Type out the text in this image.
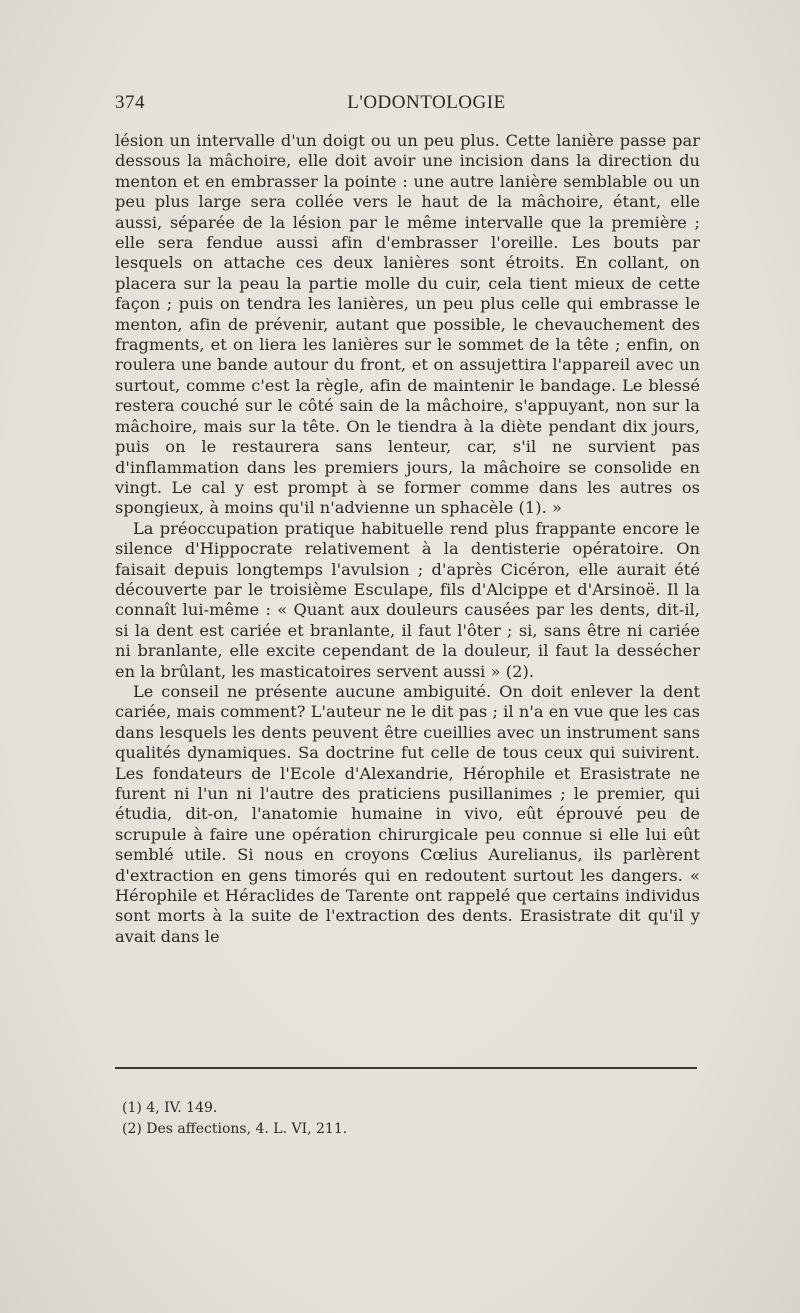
374	L'ODONTOLOGIE

lésion un intervalle d'un doigt ou un peu plus. Cette lanière passe par dessous la mâchoire, elle doit avoir une incision dans la direction du menton et en embrasser la pointe : une autre lanière semblable ou un peu plus large sera collée vers le haut de la mâchoire, étant, elle aussi, séparée de la lésion par le même intervalle que la première ; elle sera fendue aussi afin d'embrasser l'oreille. Les bouts par lesquels on attache ces deux lanières sont étroits. En collant, on placera sur la peau la partie molle du cuir, cela tient mieux de cette façon ; puis on tendra les lanières, un peu plus celle qui embrasse le menton, afin de prévenir, autant que possible, le chevauchement des fragments, et on liera les lanières sur le sommet de la tête ; enfin, on roulera une bande autour du front, et on assujettira l'appareil avec un surtout, comme c'est la règle, afin de maintenir le bandage. Le blessé restera couché sur le côté sain de la mâchoire, s'appuyant, non sur la mâchoire, mais sur la tête. On le tiendra à la diète pendant dix jours, puis on le restaurera sans lenteur, car, s'il ne survient pas d'inflammation dans les premiers jours, la mâchoire se consolide en vingt. Le cal y est prompt à se former comme dans les autres os spongieux, à moins qu'il n'advienne un sphacèle (1). »

La préoccupation pratique habituelle rend plus frappante encore le silence d'Hippocrate relativement à la dentisterie opératoire. On faisait depuis longtemps l'avulsion ; d'après Cicéron, elle aurait été découverte par le troisième Esculape, fils d'Alcippe et d'Arsinoë. Il la connaît lui-même : « Quant aux douleurs causées par les dents, dit-il, si la dent est cariée et branlante, il faut l'ôter ; si, sans être ni cariée ni branlante, elle excite cependant de la douleur, il faut la dessécher en la brûlant, les masticatoires servent aussi » (2).

Le conseil ne présente aucune ambiguité. On doit enlever la dent cariée, mais comment? L'auteur ne le dit pas ; il n'a en vue que les cas dans lesquels les dents peuvent être cueillies avec un instrument sans qualités dynamiques. Sa doctrine fut celle de tous ceux qui suivirent. Les fondateurs de l'Ecole d'Alexandrie, Hérophile et Erasistrate ne furent ni l'un ni l'autre des praticiens pusillanimes ; le premier, qui étudia, dit-on, l'anatomie humaine in vivo, eût éprouvé peu de scrupule à faire une opération chirurgicale peu connue si elle lui eût semblé utile. Si nous en croyons Cœlius Aurelianus, ils parlèrent d'extraction en gens timorés qui en redoutent surtout les dangers. « Hérophile et Héraclides de Tarente ont rappelé que certains individus sont morts à la suite de l'extraction des dents. Erasistrate dit qu'il y avait dans le

(1) 4, IV. 149.
(2) Des affections, 4. L. VI, 211.
